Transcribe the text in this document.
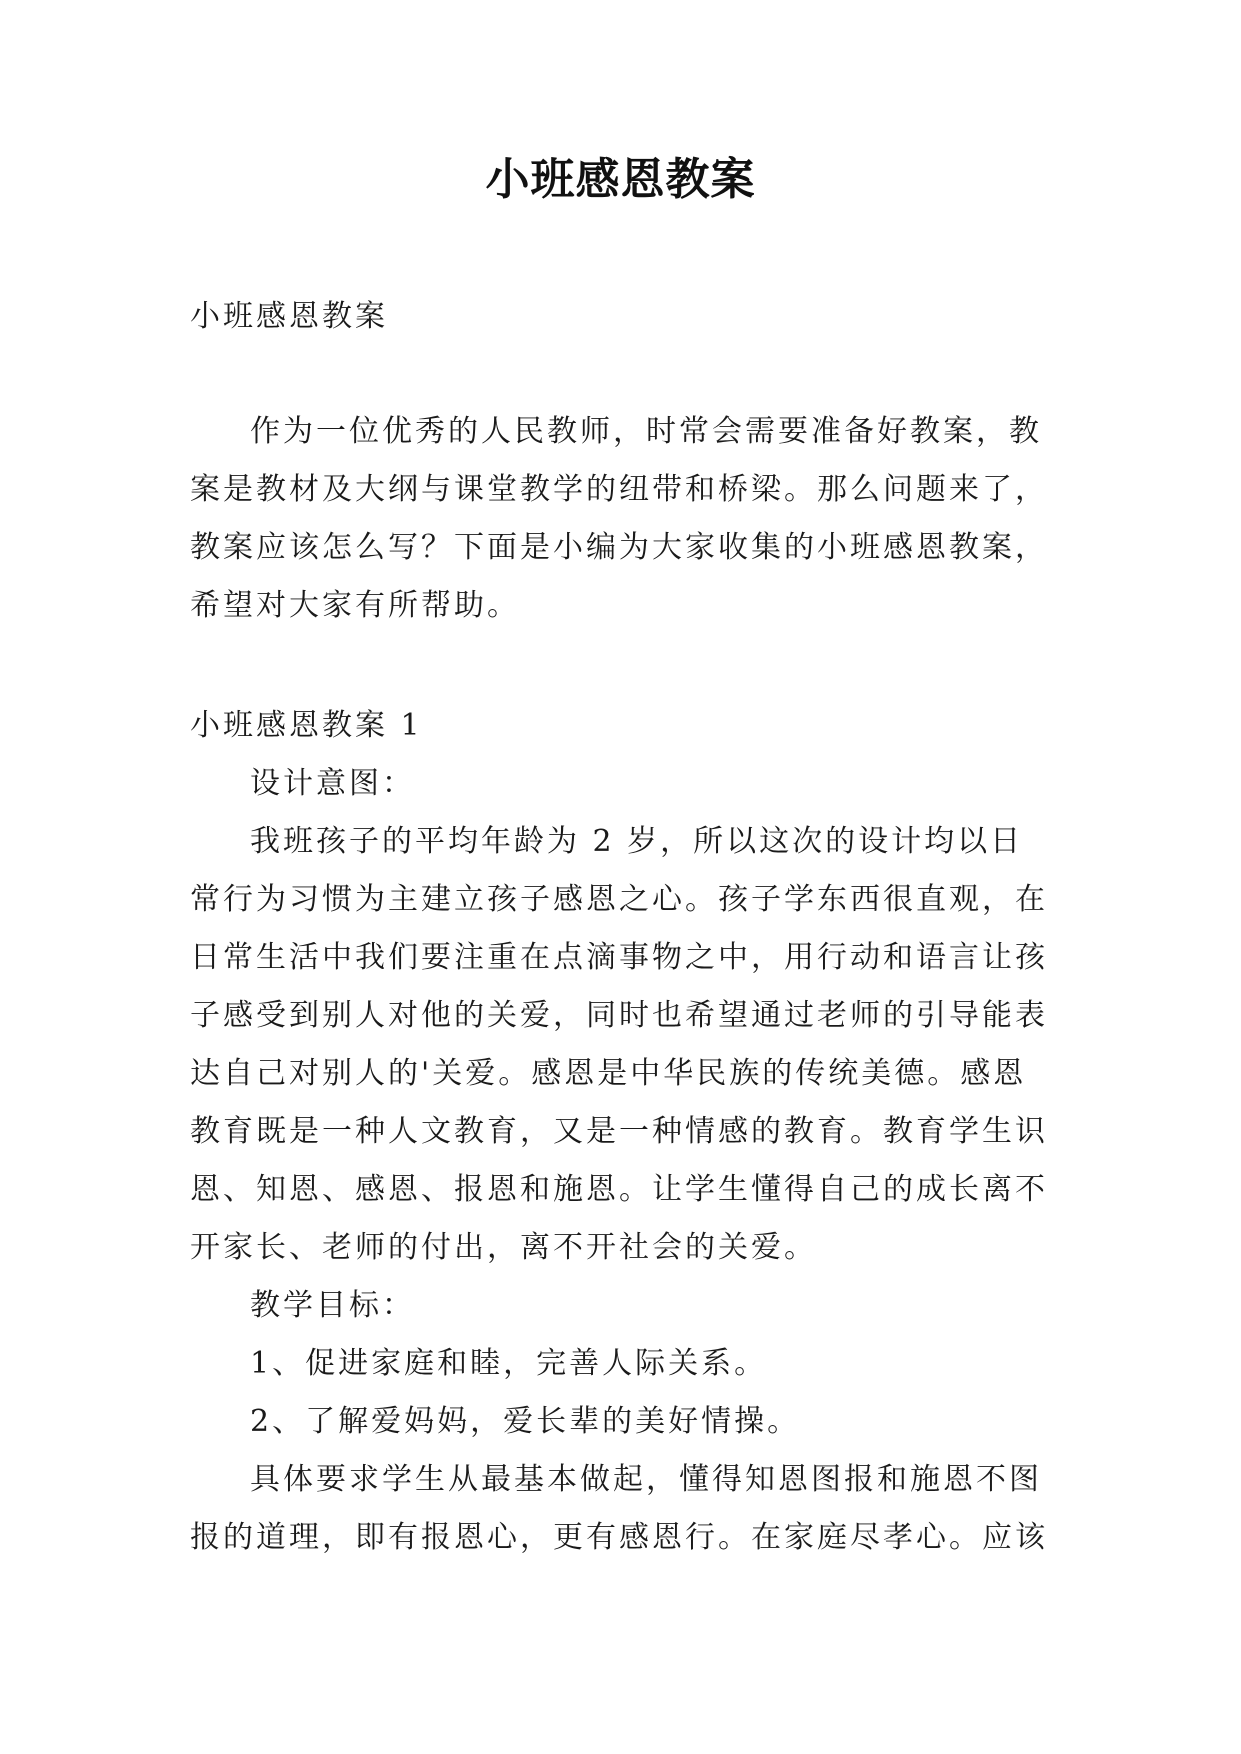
小班感恩教案

小班感恩教案

作为一位优秀的人民教师，时常会需要准备好教案，教案是教材及大纲与课堂教学的纽带和桥梁。那么问题来了，教案应该怎么写？下面是小编为大家收集的小班感恩教案，希望对大家有所帮助。

小班感恩教案 1

设计意图：

我班孩子的平均年龄为 2 岁，所以这次的设计均以日常行为习惯为主建立孩子感恩之心。孩子学东西很直观，在日常生活中我们要注重在点滴事物之中，用行动和语言让孩子感受到别人对他的关爱，同时也希望通过老师的引导能表达自己对别人的'关爱。感恩是中华民族的传统美德。感恩教育既是一种人文教育，又是一种情感的教育。教育学生识恩、知恩、感恩、报恩和施恩。让学生懂得自己的成长离不开家长、老师的付出，离不开社会的关爱。

教学目标：

1、促进家庭和睦，完善人际关系。

2、了解爱妈妈，爱长辈的美好情操。

具体要求学生从最基本做起，懂得知恩图报和施恩不图报的道理，即有报恩心，更有感恩行。在家庭尽孝心。应该
